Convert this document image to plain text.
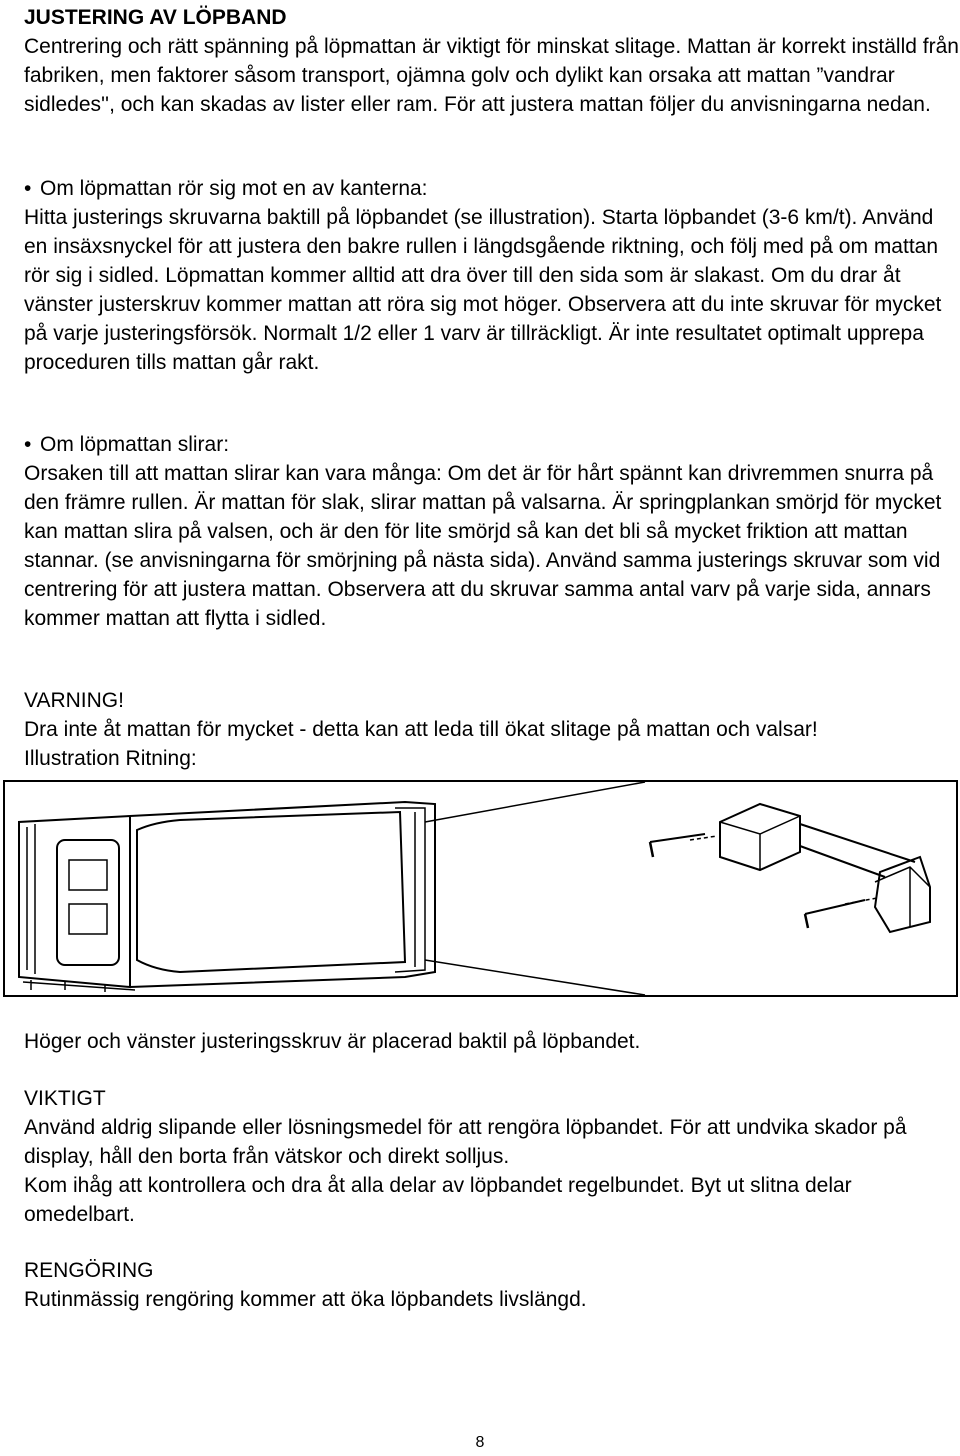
JUSTERING AV LÖPBAND

Centrering och rätt spänning på löpmattan är viktigt för minskat slitage. Mattan är korrekt inställd från fabriken, men faktorer såsom transport, ojämna golv och dylikt kan orsaka att mattan ”vandrar sidledes'', och kan skadas av lister eller ram. För att justera mattan följer du anvisningarna nedan.

• Om löpmattan rör sig mot en av kanterna:

Hitta justerings skruvarna baktill på löpbandet (se illustration). Starta löpbandet (3-6 km/t). Använd en insäxsnyckel för att justera den bakre rullen i längdsgående riktning, och följ med på om mattan rör sig i sidled. Löpmattan kommer alltid att dra över till den sida som är slakast. Om du drar åt vänster justerskruv kommer mattan att röra sig mot höger. Observera att du inte skruvar för mycket på varje justeringsförsök. Normalt 1/2 eller 1 varv är tillräckligt. Är inte resultatet optimalt upprepa proceduren tills mattan går rakt.

• Om löpmattan slirar:

Orsaken till att mattan slirar kan vara många: Om det är för hårt spännt kan drivremmen snurra på den främre rullen. Är mattan för slak, slirar mattan på valsarna. Är springplankan smörjd för mycket kan mattan slira på valsen, och är den för lite smörjd så kan det bli så mycket friktion att mattan stannar. (se anvisningarna för smörjning på nästa sida). Använd samma justerings skruvar som vid centrering för att justera mattan. Observera att du skruvar samma antal varv på varje sida, annars kommer mattan att flytta i sidled.

VARNING!

Dra inte åt mattan för mycket - detta kan att leda till ökat slitage på mattan och valsar!

Illustration Ritning:

Höger och vänster justeringsskruv är placerad baktil på löpbandet.

VIKTIGT

Använd aldrig slipande eller lösningsmedel för att rengöra löpbandet. För att undvika skador på display, håll den borta från vätskor och direkt solljus.

Kom ihåg att kontrollera och dra åt alla delar av löpbandet regelbundet. Byt ut slitna delar omedelbart.

RENGÖRING

Rutinmässig rengöring kommer att öka löpbandets livslängd.

8
